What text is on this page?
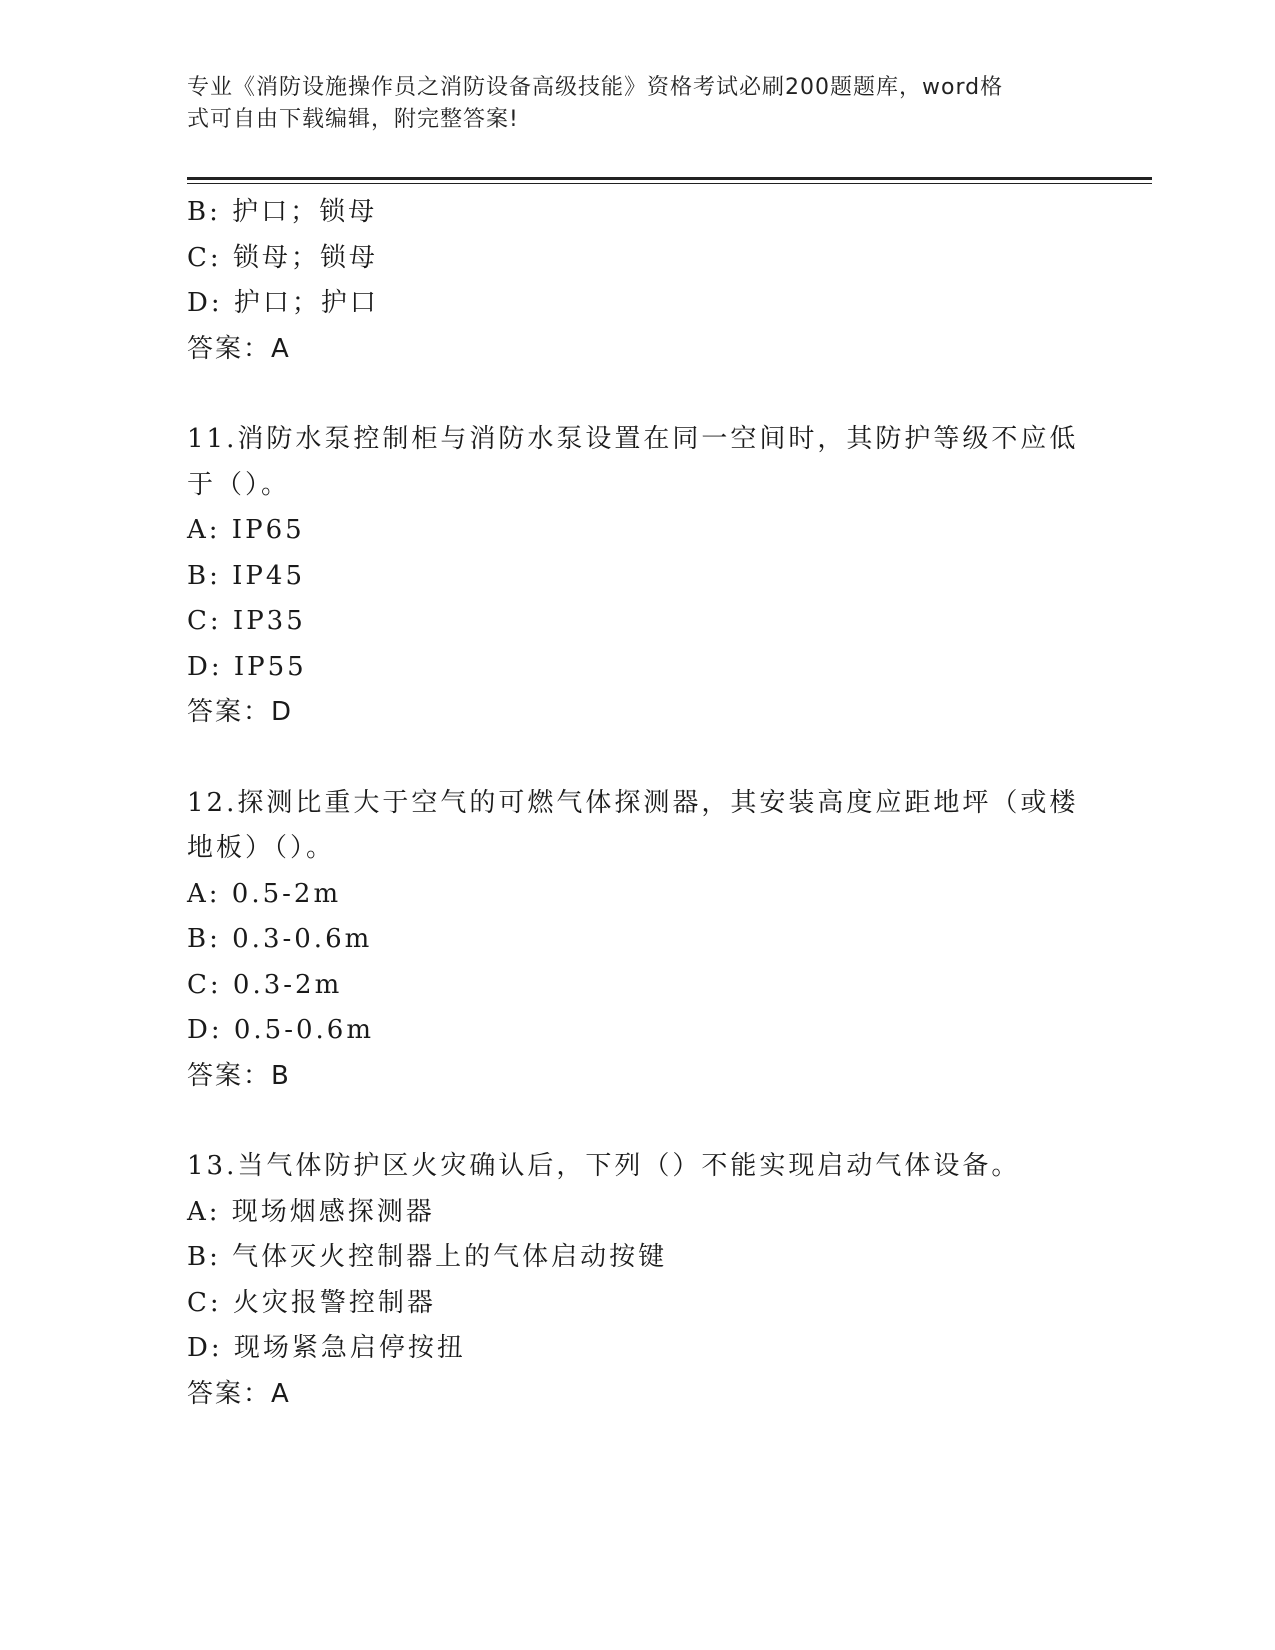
专业《消防设施操作员之消防设备高级技能》资格考试必刷200题题库，word格
式可自由下载编辑，附完整答案!
B: 护口；锁母
C: 锁母；锁母
D: 护口；护口
答案：A
11.消防水泵控制柜与消防水泵设置在同一空间时，其防护等级不应低
于（）。
A: IP65
B: IP45
C: IP35
D: IP55
答案：D
12.探测比重大于空气的可燃气体探测器，其安装高度应距地坪（或楼
地板）（）。
A: 0.5-2m
B: 0.3-0.6m
C: 0.3-2m
D: 0.5-0.6m
答案：B
13.当气体防护区火灾确认后，下列（）不能实现启动气体设备。
A: 现场烟感探测器
B: 气体灭火控制器上的气体启动按键
C: 火灾报警控制器
D: 现场紧急启停按扭
答案：A
